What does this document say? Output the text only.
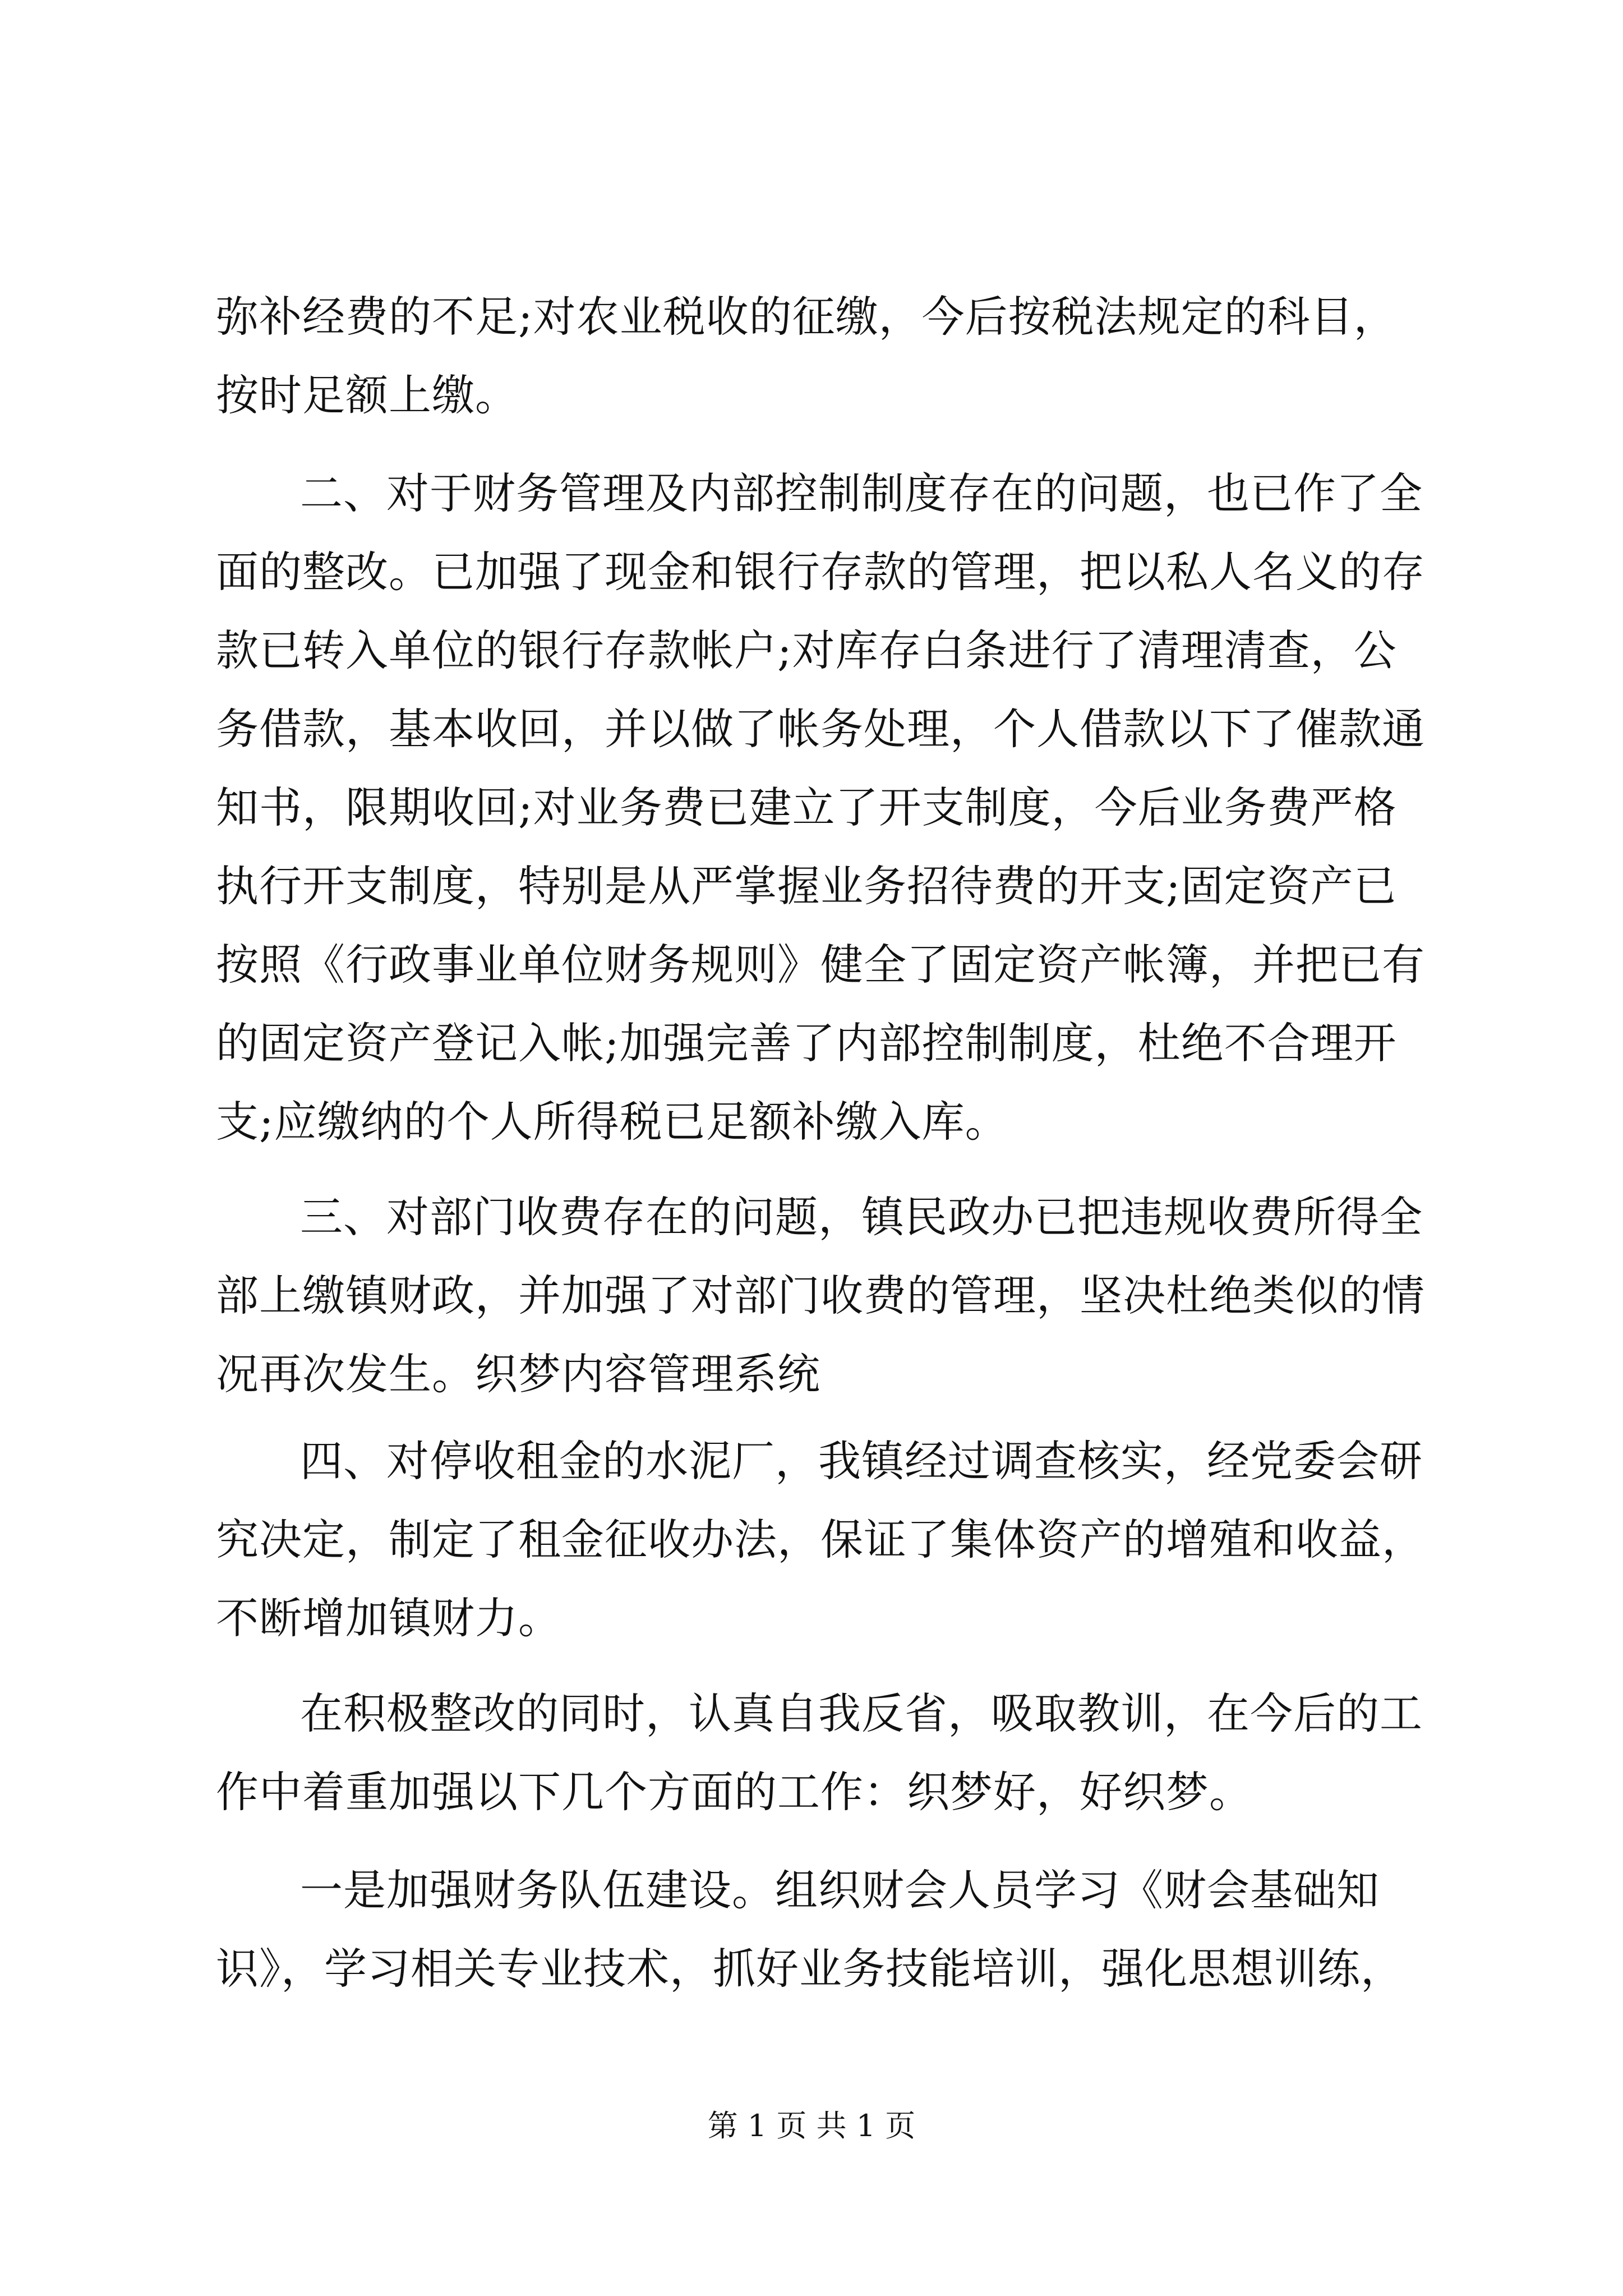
弥补经费的不足;对农业税收的征缴，今后按税法规定的科目，
按时足额上缴。
二、对于财务管理及内部控制制度存在的问题，也已作了全
面的整改。已加强了现金和银行存款的管理，把以私人名义的存
款已转入单位的银行存款帐户;对库存白条进行了清理清查，公
务借款，基本收回，并以做了帐务处理，个人借款以下了催款通
知书，限期收回;对业务费已建立了开支制度，今后业务费严格
执行开支制度，特别是从严掌握业务招待费的开支;固定资产已
按照《行政事业单位财务规则》健全了固定资产帐簿，并把已有
的固定资产登记入帐;加强完善了内部控制制度，杜绝不合理开
支;应缴纳的个人所得税已足额补缴入库。
三、对部门收费存在的问题，镇民政办已把违规收费所得全
部上缴镇财政，并加强了对部门收费的管理，坚决杜绝类似的情
况再次发生。织梦内容管理系统
四、对停收租金的水泥厂，我镇经过调查核实，经党委会研
究决定，制定了租金征收办法，保证了集体资产的增殖和收益，
不断增加镇财力。
在积极整改的同时，认真自我反省，吸取教训，在今后的工
作中着重加强以下几个方面的工作：织梦好，好织梦。
一是加强财务队伍建设。组织财会人员学习《财会基础知
识》，学习相关专业技术，抓好业务技能培训，强化思想训练，
第 1 页 共 1 页
